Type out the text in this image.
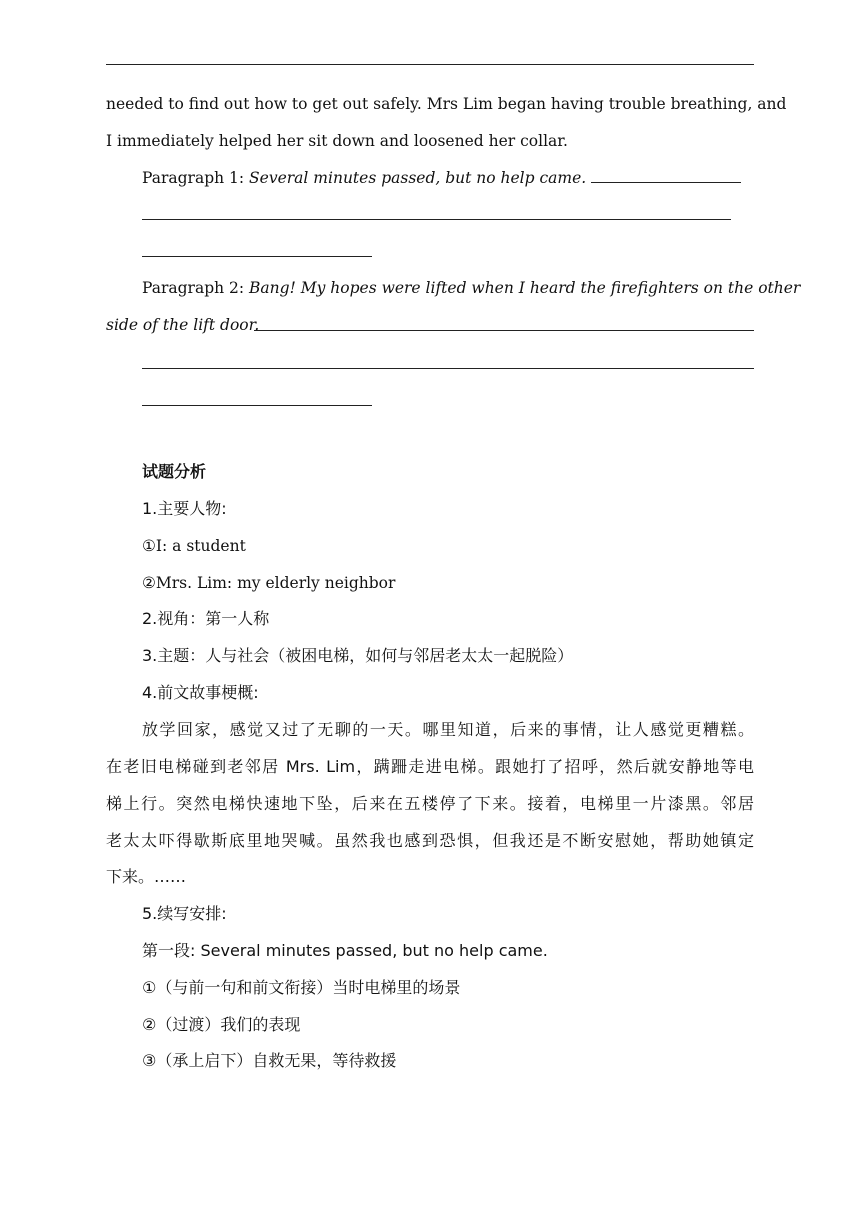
needed to find out how to get out safely. Mrs Lim began having trouble breathing, and
I immediately helped her sit down and loosened her collar.
Paragraph 1: Several minutes passed, but no help came.
Paragraph 2: Bang! My hopes were lifted when I heard the firefighters on the other
side of the lift door.
试题分析
1.主要人物:
①I: a student
②Mrs. Lim: my elderly neighbor
2.视角：第一人称
3.主题：人与社会（被困电梯，如何与邻居老太太一起脱险）
4.前文故事梗概:
放学回家，感觉又过了无聊的一天。哪里知道，后来的事情，让人感觉更糟糕。
在老旧电梯碰到老邻居 Mrs. Lim，蹒跚走进电梯。跟她打了招呼，然后就安静地等电
梯上行。突然电梯快速地下坠，后来在五楼停了下来。接着，电梯里一片漆黑。邻居
老太太吓得歇斯底里地哭喊。虽然我也感到恐惧，但我还是不断安慰她，帮助她镇定
下来。……
5.续写安排:
第一段: Several minutes passed, but no help came.
①（与前一句和前文衔接）当时电梯里的场景
②（过渡）我们的表现
③（承上启下）自救无果，等待救援
